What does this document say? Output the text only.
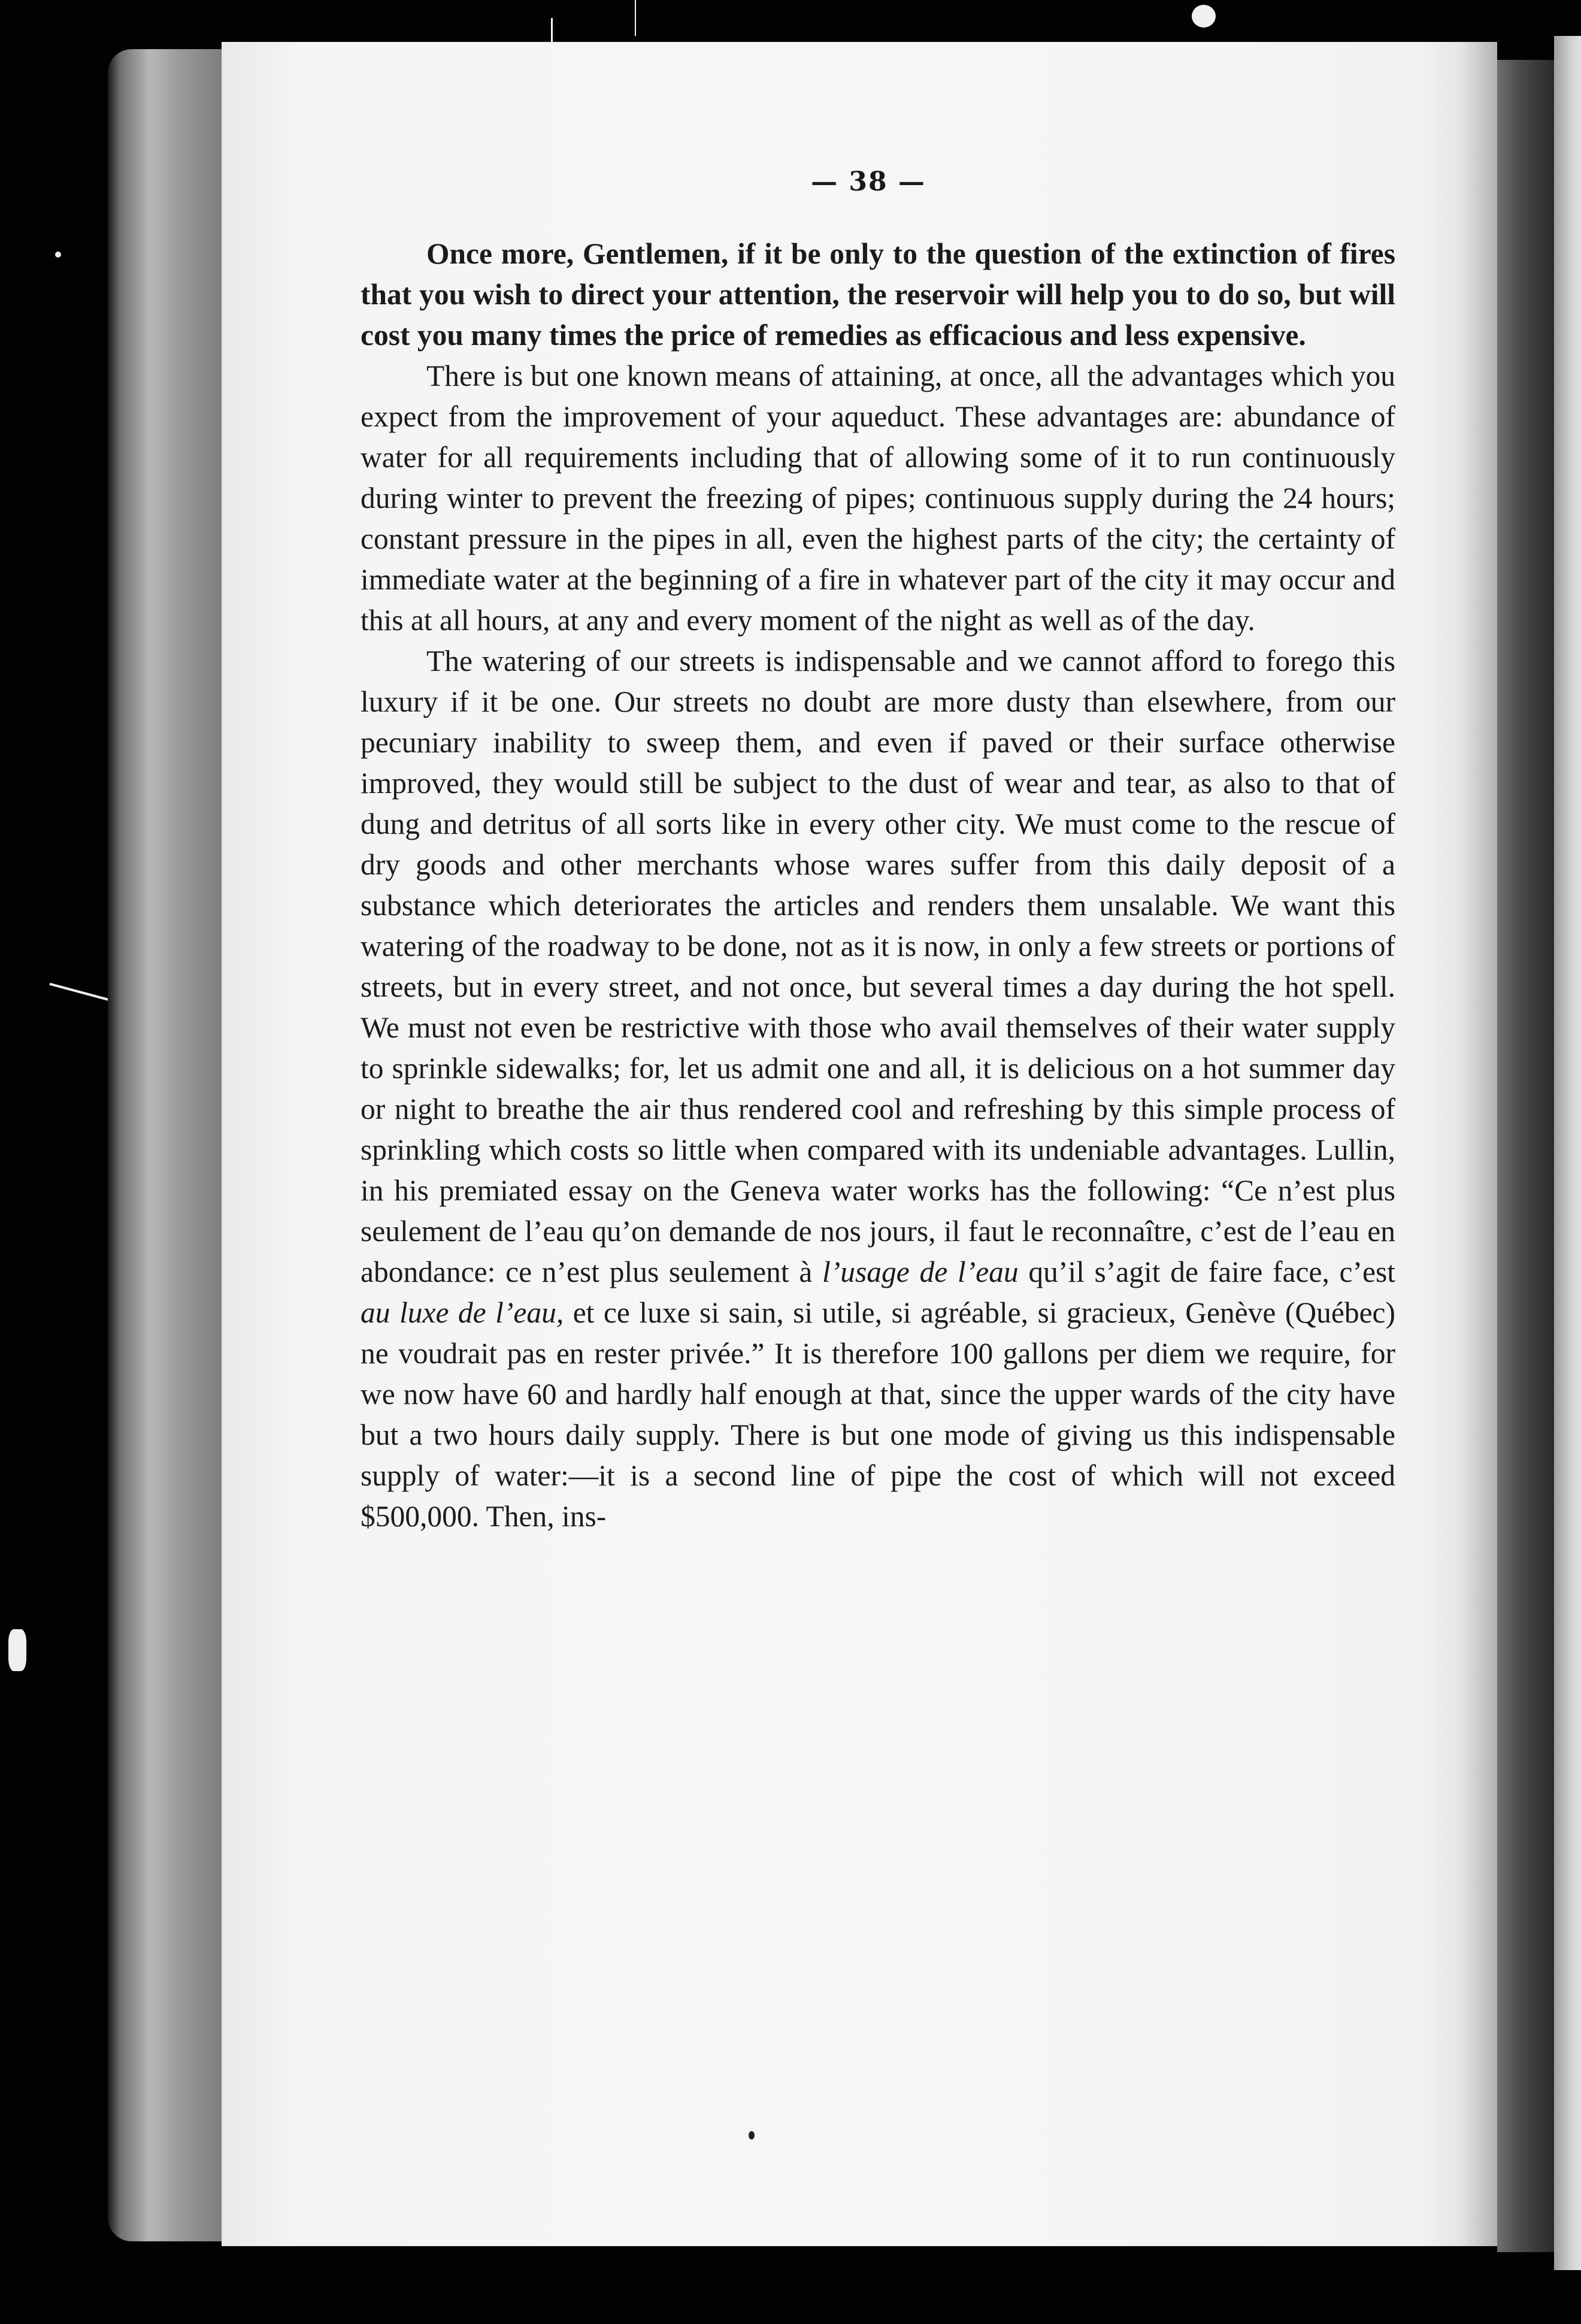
— 38 —

Once more, Gentlemen, if it be only to the question of the extinction of fires that you wish to direct your attention, the reservoir will help you to do so, but will cost you many times the price of remedies as efficacious and less expensive.

There is but one known means of attaining, at once, all the advantages which you expect from the improvement of your aqueduct. These advantages are: abundance of water for all requirements including that of allowing some of it to run continuously during winter to prevent the freezing of pipes; continuous supply during the 24 hours; constant pressure in the pipes in all, even the highest parts of the city; the certainty of immediate water at the beginning of a fire in whatever part of the city it may occur and this at all hours, at any and every moment of the night as well as of the day.

The watering of our streets is indispensable and we cannot afford to forego this luxury if it be one. Our streets no doubt are more dusty than elsewhere, from our pecuniary inability to sweep them, and even if paved or their surface otherwise improved, they would still be subject to the dust of wear and tear, as also to that of dung and detritus of all sorts like in every other city. We must come to the rescue of dry goods and other merchants whose wares suffer from this daily deposit of a substance which deteriorates the articles and renders them unsalable. We want this watering of the roadway to be done, not as it is now, in only a few streets or portions of streets, but in every street, and not once, but several times a day during the hot spell. We must not even be restrictive with those who avail themselves of their water supply to sprinkle sidewalks; for, let us admit one and all, it is delicious on a hot summer day or night to breathe the air thus rendered cool and refreshing by this simple process of sprinkling which costs so little when compared with its undeniable advantages. Lullin, in his premiated essay on the Geneva water works has the following: “Ce n’est plus seulement de l’eau qu’on demande de nos jours, il faut le reconnaître, c’est de l’eau en abondance: ce n’est plus seulement à l’usage de l’eau qu’il s’agit de faire face, c’est au luxe de l’eau, et ce luxe si sain, si utile, si agréable, si gracieux, Genève (Québec) ne voudrait pas en rester privée.” It is therefore 100 gallons per diem we require, for we now have 60 and hardly half enough at that, since the upper wards of the city have but a two hours daily supply. There is but one mode of giving us this indispensable supply of water:—it is a second line of pipe the cost of which will not exceed $500,000. Then, ins-
